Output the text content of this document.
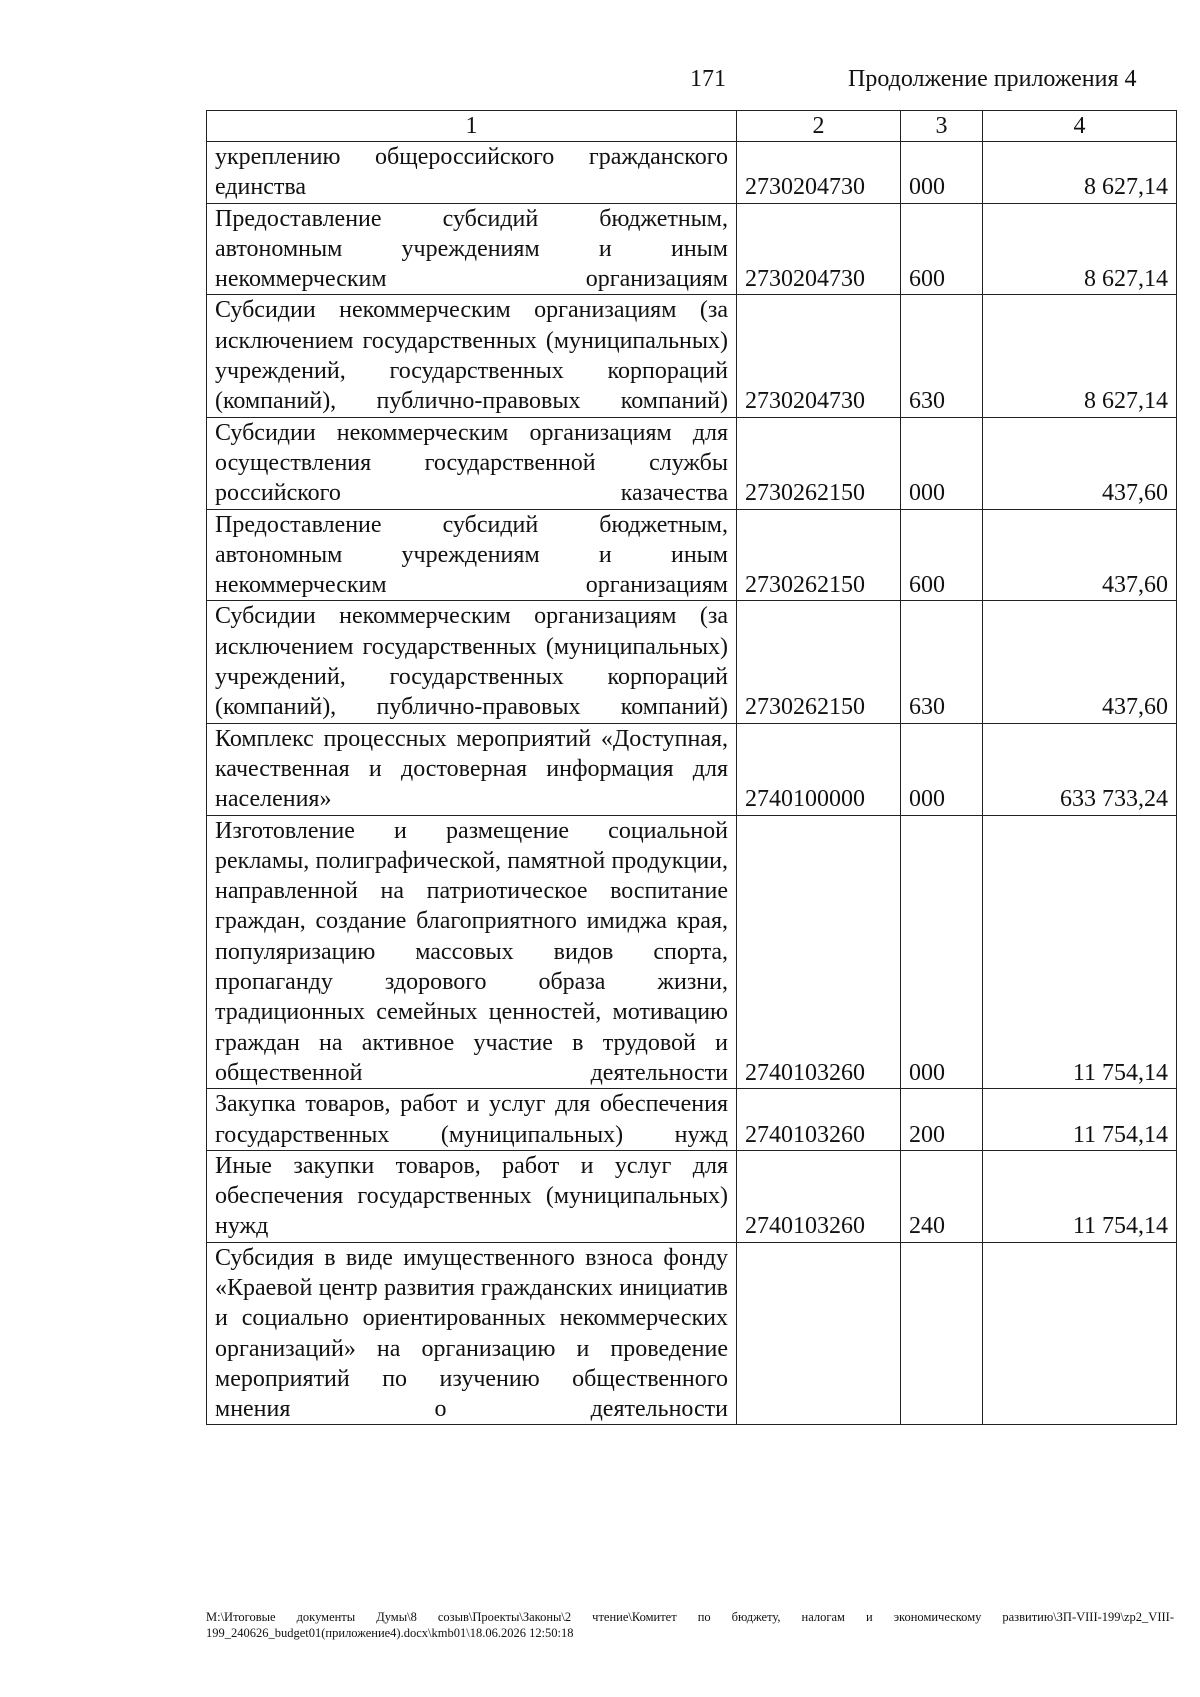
171	Продолжение приложения 4
1	2	3	4
укреплению общероссийского гражданского единства	2730204730	000	8 627,14
Предоставление субсидий бюджетным, автономным учреждениям и иным некоммерческим организациям	2730204730	600	8 627,14
Субсидии некоммерческим организациям (за исключением государственных (муниципальных) учреждений, государственных корпораций (компаний), публично-правовых компаний)	2730204730	630	8 627,14
Субсидии некоммерческим организациям для осуществления государственной службы российского казачества	2730262150	000	437,60
Предоставление субсидий бюджетным, автономным учреждениям и иным некоммерческим организациям	2730262150	600	437,60
Субсидии некоммерческим организациям (за исключением государственных (муниципальных) учреждений, государственных корпораций (компаний), публично-правовых компаний)	2730262150	630	437,60
Комплекс процессных мероприятий «Доступная, качественная и достоверная информация для населения»	2740100000	000	633 733,24
Изготовление и размещение социальной рекламы, полиграфической, памятной продукции, направленной на патриотическое воспитание граждан, создание благоприятного имиджа края, популяризацию массовых видов спорта, пропаганду здорового образа жизни, традиционных семейных ценностей, мотивацию граждан на активное участие в трудовой и общественной деятельности	2740103260	000	11 754,14
Закупка товаров, работ и услуг для обеспечения государственных (муниципальных) нужд	2740103260	200	11 754,14
Иные закупки товаров, работ и услуг для обеспечения государственных (муниципальных) нужд	2740103260	240	11 754,14
Субсидия в виде имущественного взноса фонду «Краевой центр развития гражданских инициатив и социально ориентированных некоммерческих организаций» на организацию и проведение мероприятий по изучению общественного мнения о деятельности			
M:\Итоговые документы Думы\8 созыв\Проекты\Законы\2 чтение\Комитет по бюджету, налогам и экономическому развитию\ЗП-VIII-199\zp2_VIII-199_240626_budget01(приложение4).docx\kmb01\18.06.2026 12:50:18
